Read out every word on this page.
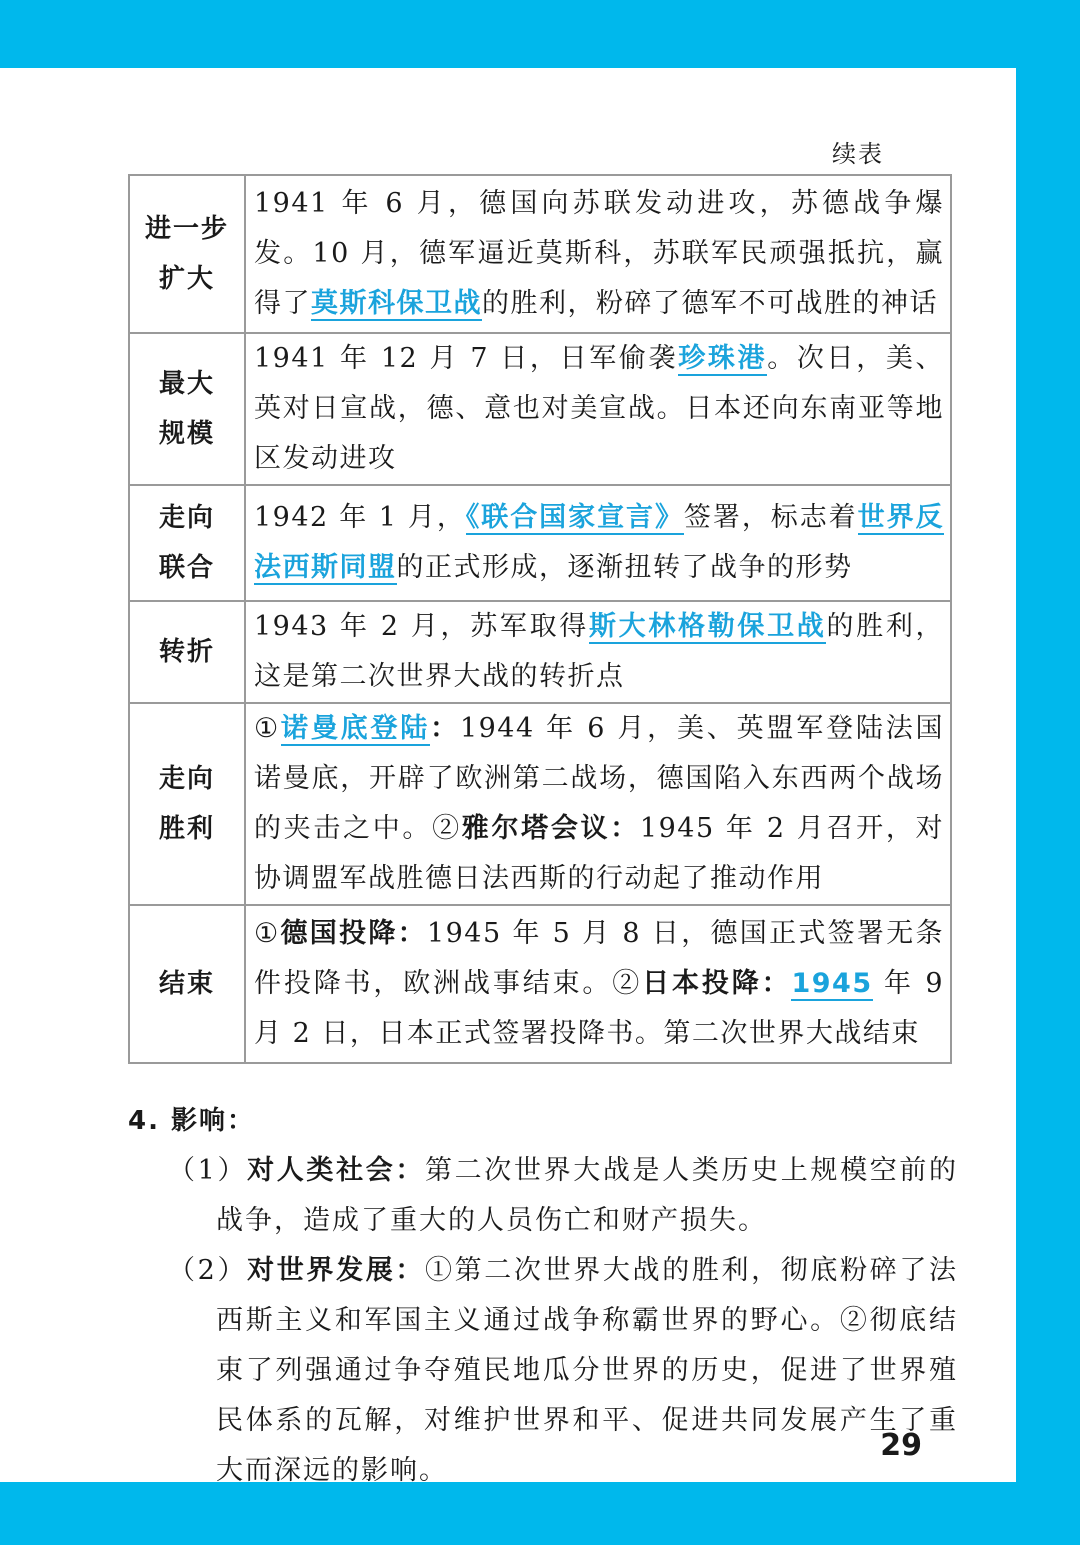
续表
进一步
扩大	1941 年 6 月，德国向苏联发动进攻，苏德战争爆发。10 月，德军逼近莫斯科，苏联军民顽强抵抗，赢得了莫斯科保卫战的胜利，粉碎了德军不可战胜的神话

最大
规模	1941 年 12 月 7 日，日军偷袭珍珠港。次日，美、英对日宣战，德、意也对美宣战。日本还向东南亚等地区发动进攻

走向
联合	1942 年 1 月，《联合国家宣言》签署，标志着世界反法西斯同盟的正式形成，逐渐扭转了战争的形势

转折	1943 年 2 月，苏军取得斯大林格勒保卫战的胜利，这是第二次世界大战的转折点

走向
胜利	①诺曼底登陆：1944 年 6 月，美、英盟军登陆法国诺曼底，开辟了欧洲第二战场，德国陷入东西两个战场的夹击之中。②雅尔塔会议：1945 年 2 月召开，对协调盟军战胜德日法西斯的行动起了推动作用

结束	①德国投降：1945 年 5 月 8 日，德国正式签署无条件投降书，欧洲战事结束。②日本投降：1945 年 9 月 2 日，日本正式签署投降书。第二次世界大战结束
4. 影响：
（1）对人类社会：第二次世界大战是人类历史上规模空前的战争，造成了重大的人员伤亡和财产损失。
（2）对世界发展：①第二次世界大战的胜利，彻底粉碎了法西斯主义和军国主义通过战争称霸世界的野心。②彻底结束了列强通过争夺殖民地瓜分世界的历史，促进了世界殖民体系的瓦解，对维护世界和平、促进共同发展产生了重大而深远的影响。
29
